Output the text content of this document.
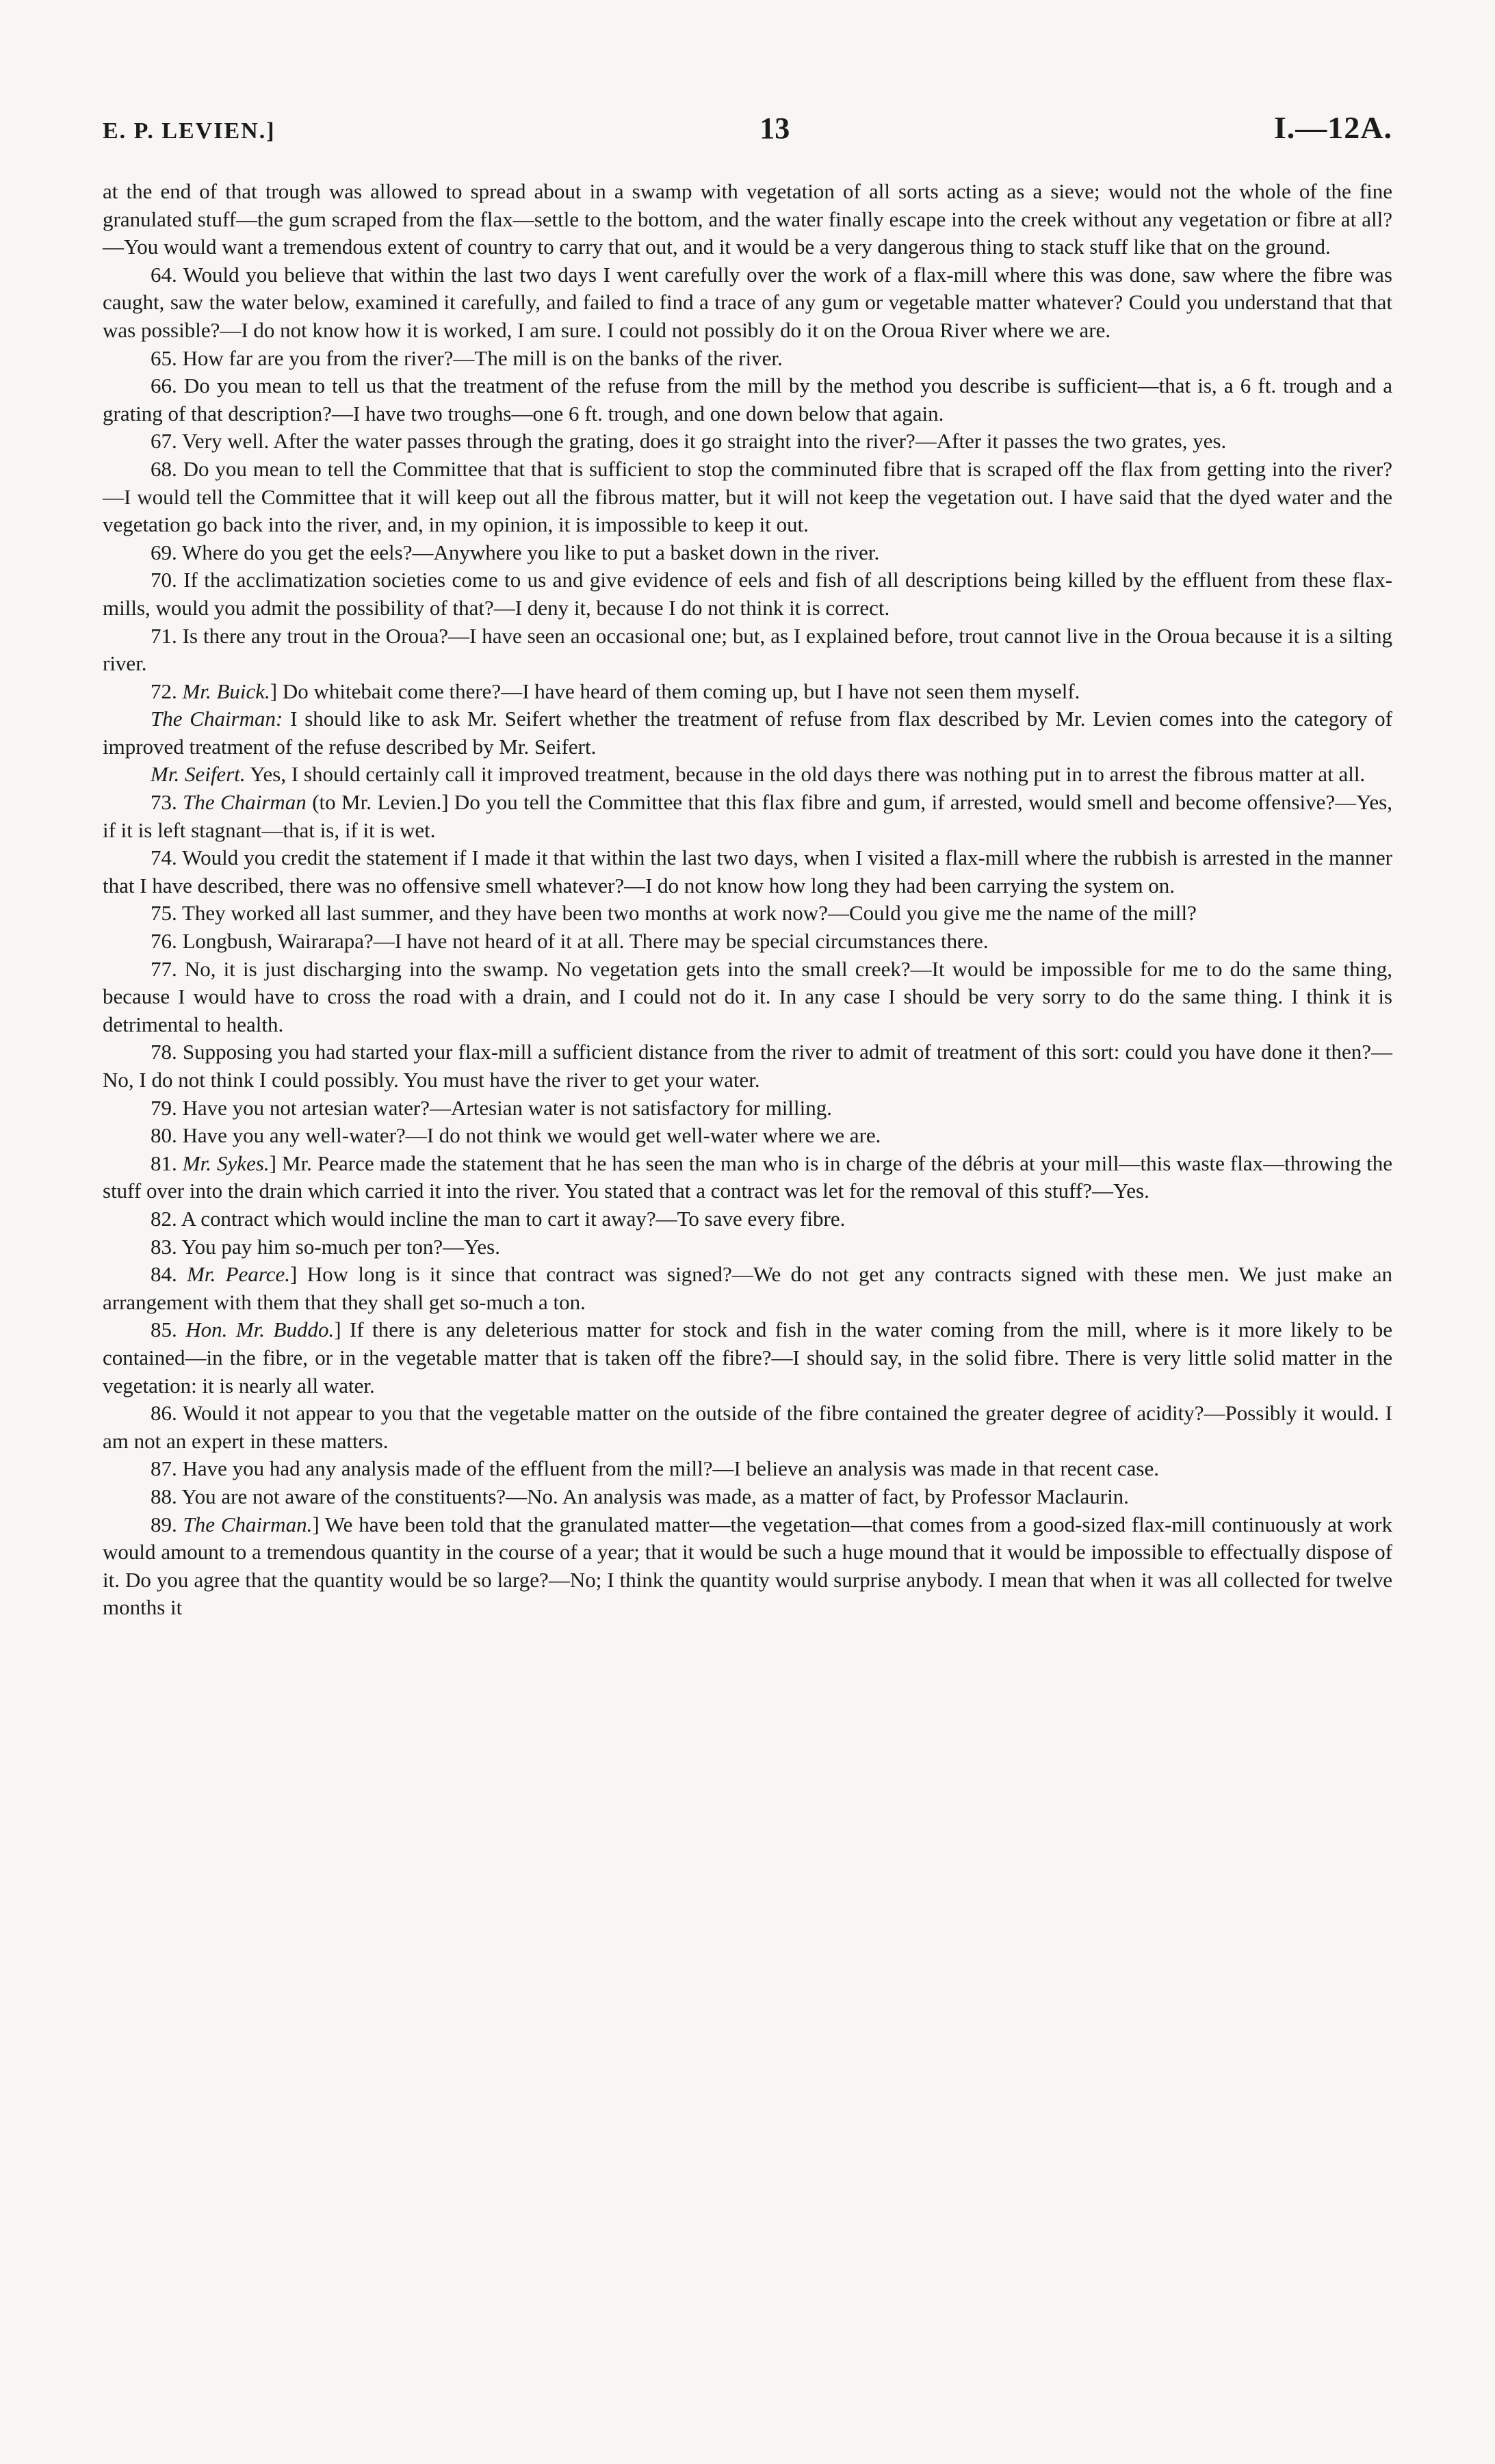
E. P. LEVIEN.]	13	I.—12A.

at the end of that trough was allowed to spread about in a swamp with vegetation of all sorts acting as a sieve; would not the whole of the fine granulated stuff—the gum scraped from the flax—settle to the bottom, and the water finally escape into the creek without any vegetation or fibre at all?—You would want a tremendous extent of country to carry that out, and it would be a very dangerous thing to stack stuff like that on the ground.

64. Would you believe that within the last two days I went carefully over the work of a flax-mill where this was done, saw where the fibre was caught, saw the water below, examined it carefully, and failed to find a trace of any gum or vegetable matter whatever? Could you understand that that was possible?—I do not know how it is worked, I am sure. I could not possibly do it on the Oroua River where we are.

65. How far are you from the river?—The mill is on the banks of the river.

66. Do you mean to tell us that the treatment of the refuse from the mill by the method you describe is sufficient—that is, a 6 ft. trough and a grating of that description?—I have two troughs—one 6 ft. trough, and one down below that again.

67. Very well. After the water passes through the grating, does it go straight into the river?—After it passes the two grates, yes.

68. Do you mean to tell the Committee that that is sufficient to stop the comminuted fibre that is scraped off the flax from getting into the river?—I would tell the Committee that it will keep out all the fibrous matter, but it will not keep the vegetation out. I have said that the dyed water and the vegetation go back into the river, and, in my opinion, it is impossible to keep it out.

69. Where do you get the eels?—Anywhere you like to put a basket down in the river.

70. If the acclimatization societies come to us and give evidence of eels and fish of all descriptions being killed by the effluent from these flax-mills, would you admit the possibility of that?—I deny it, because I do not think it is correct.

71. Is there any trout in the Oroua?—I have seen an occasional one; but, as I explained before, trout cannot live in the Oroua because it is a silting river.

72. Mr. Buick.] Do whitebait come there?—I have heard of them coming up, but I have not seen them myself.

The Chairman: I should like to ask Mr. Seifert whether the treatment of refuse from flax described by Mr. Levien comes into the category of improved treatment of the refuse described by Mr. Seifert.

Mr. Seifert. Yes, I should certainly call it improved treatment, because in the old days there was nothing put in to arrest the fibrous matter at all.

73. The Chairman (to Mr. Levien.] Do you tell the Committee that this flax fibre and gum, if arrested, would smell and become offensive?—Yes, if it is left stagnant—that is, if it is wet.

74. Would you credit the statement if I made it that within the last two days, when I visited a flax-mill where the rubbish is arrested in the manner that I have described, there was no offensive smell whatever?—I do not know how long they had been carrying the system on.

75. They worked all last summer, and they have been two months at work now?—Could you give me the name of the mill?

76. Longbush, Wairarapa?—I have not heard of it at all. There may be special circumstances there.

77. No, it is just discharging into the swamp. No vegetation gets into the small creek?—It would be impossible for me to do the same thing, because I would have to cross the road with a drain, and I could not do it. In any case I should be very sorry to do the same thing. I think it is detrimental to health.

78. Supposing you had started your flax-mill a sufficient distance from the river to admit of treatment of this sort: could you have done it then?—No, I do not think I could possibly. You must have the river to get your water.

79. Have you not artesian water?—Artesian water is not satisfactory for milling.

80. Have you any well-water?—I do not think we would get well-water where we are.

81. Mr. Sykes.] Mr. Pearce made the statement that he has seen the man who is in charge of the débris at your mill—this waste flax—throwing the stuff over into the drain which carried it into the river. You stated that a contract was let for the removal of this stuff?—Yes.

82. A contract which would incline the man to cart it away?—To save every fibre.

83. You pay him so-much per ton?—Yes.

84. Mr. Pearce.] How long is it since that contract was signed?—We do not get any contracts signed with these men. We just make an arrangement with them that they shall get so-much a ton.

85. Hon. Mr. Buddo.] If there is any deleterious matter for stock and fish in the water coming from the mill, where is it more likely to be contained—in the fibre, or in the vegetable matter that is taken off the fibre?—I should say, in the solid fibre. There is very little solid matter in the vegetation: it is nearly all water.

86. Would it not appear to you that the vegetable matter on the outside of the fibre contained the greater degree of acidity?—Possibly it would. I am not an expert in these matters.

87. Have you had any analysis made of the effluent from the mill?—I believe an analysis was made in that recent case.

88. You are not aware of the constituents?—No. An analysis was made, as a matter of fact, by Professor Maclaurin.

89. The Chairman.] We have been told that the granulated matter—the vegetation—that comes from a good-sized flax-mill continuously at work would amount to a tremendous quantity in the course of a year; that it would be such a huge mound that it would be impossible to effectually dispose of it. Do you agree that the quantity would be so large?—No; I think the quantity would surprise anybody. I mean that when it was all collected for twelve months it
